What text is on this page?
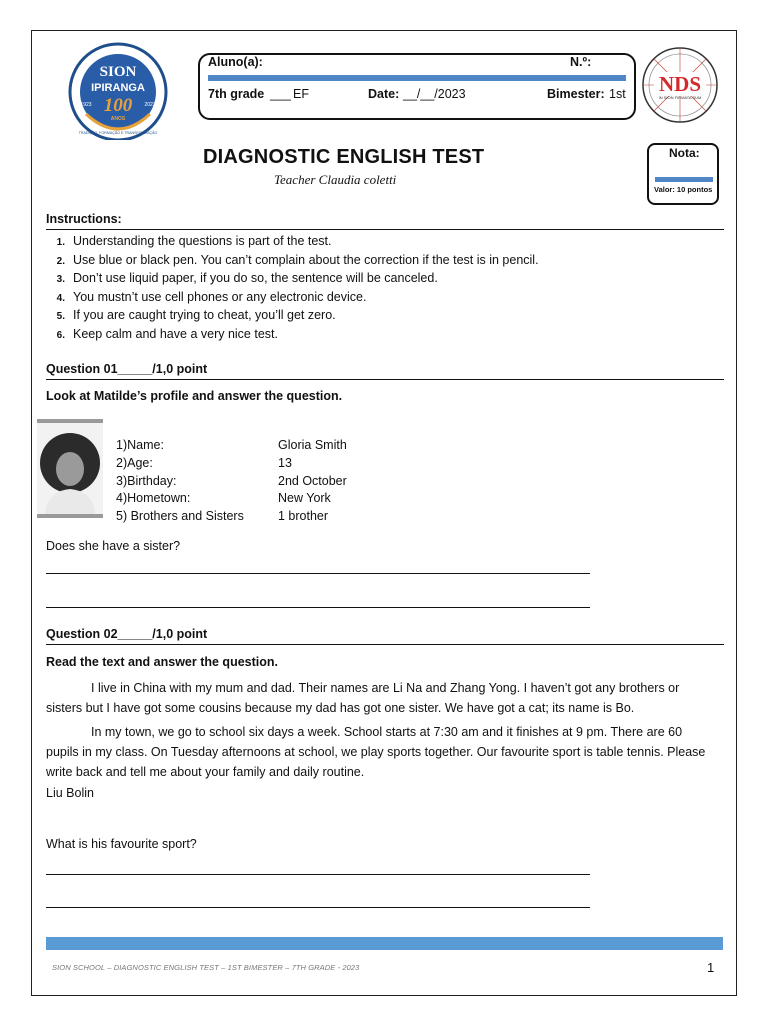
SION
IPIRANGA
100
ANOS
1923	2023
TRADIÇÃO, FORMAÇÃO E TRANSFORMAÇÃO
Aluno(a):	N.º:
7th grade ___ EF	Date: __/__/2023	Bimester: 1st NDS
IN SION FIRMATA SUM
DIAGNOSTIC ENGLISH TEST
Teacher Claudia coletti
Nota:
Valor: 10 pontos
Instructions:
1. Understanding the questions is part of the test.
2. Use blue or black pen. You can’t complain about the correction if the test is in pencil.
3. Don’t use liquid paper, if you do so, the sentence will be canceled.
4. You mustn’t use cell phones or any electronic device.
5. If you are caught trying to cheat, you’ll get zero.
6. Keep calm and have a very nice test.
Question 01_____/1,0 point
Look at Matilde’s profile and answer the question.
1)Name:	Gloria Smith
2)Age:	13
3)Birthday:	2nd October
4)Hometown:	New York
5) Brothers and Sisters	1 brother
Does she have a sister?
Question 02_____/1,0 point
Read the text and answer the question.
I live in China with my mum and dad. Their names are Li Na and Zhang Yong. I haven’t got any brothers or sisters but I have got some cousins because my dad has got one sister. We have got a cat; its name is Bo.
In my town, we go to school six days a week. School starts at 7:30 am and it finishes at 9 pm. There are 60 pupils in my class. On Tuesday afternoons at school, we play sports together. Our favourite sport is table tennis. Please write back and tell me about your family and daily routine.
Liu Bolin
What is his favourite sport?
SION SCHOOL – DIAGNOSTIC ENGLISH TEST – 1ST BIMESTER – 7TH GRADE - 2023	1
